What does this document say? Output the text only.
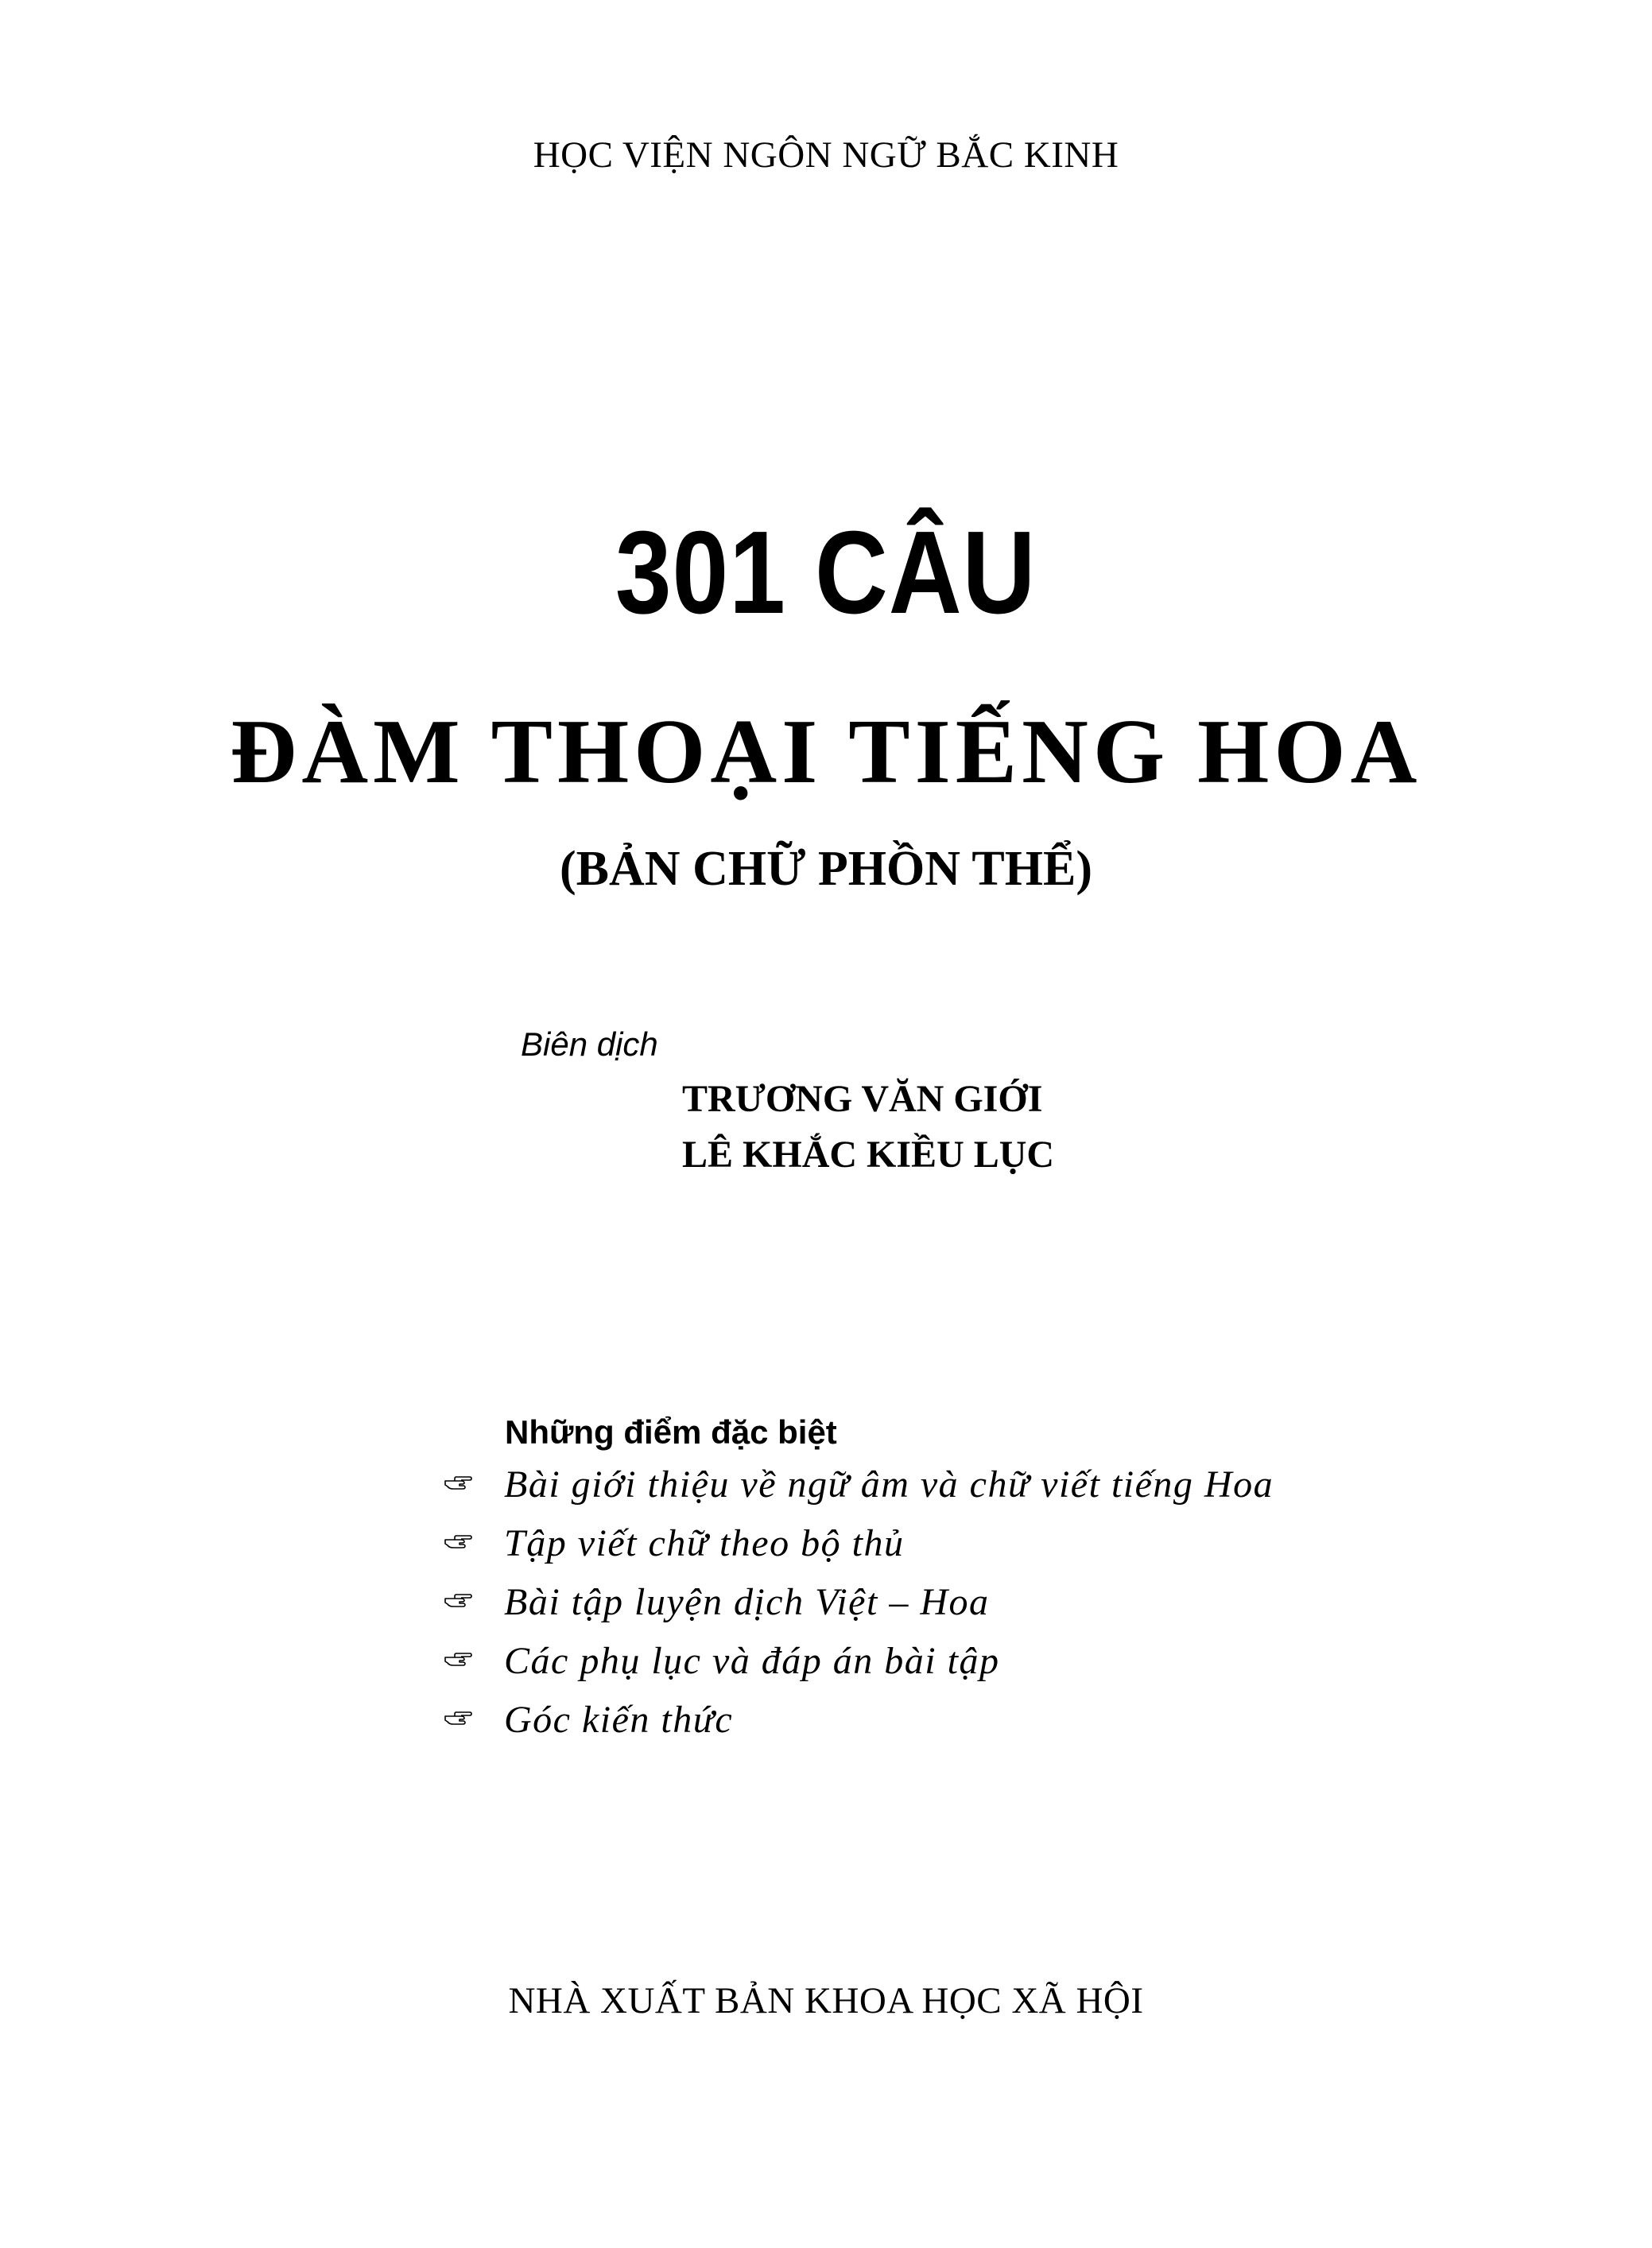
HỌC VIỆN NGÔN NGỮ BẮC KINH
301 CÂU
ĐÀM THOẠI TIẾNG HOA
(BẢN CHỮ PHỒN THỂ)
Biên dịch
TRƯƠNG VĂN GIỚI
LÊ KHẮC KIỀU LỤC
Những điểm đặc biệt
Bài giới thiệu về ngữ âm và chữ viết tiếng Hoa
Tập viết chữ theo bộ thủ
Bài tập luyện dịch Việt – Hoa
Các phụ lục và đáp án bài tập
Góc kiến thức
NHÀ XUẤT BẢN KHOA HỌC XÃ HỘI
